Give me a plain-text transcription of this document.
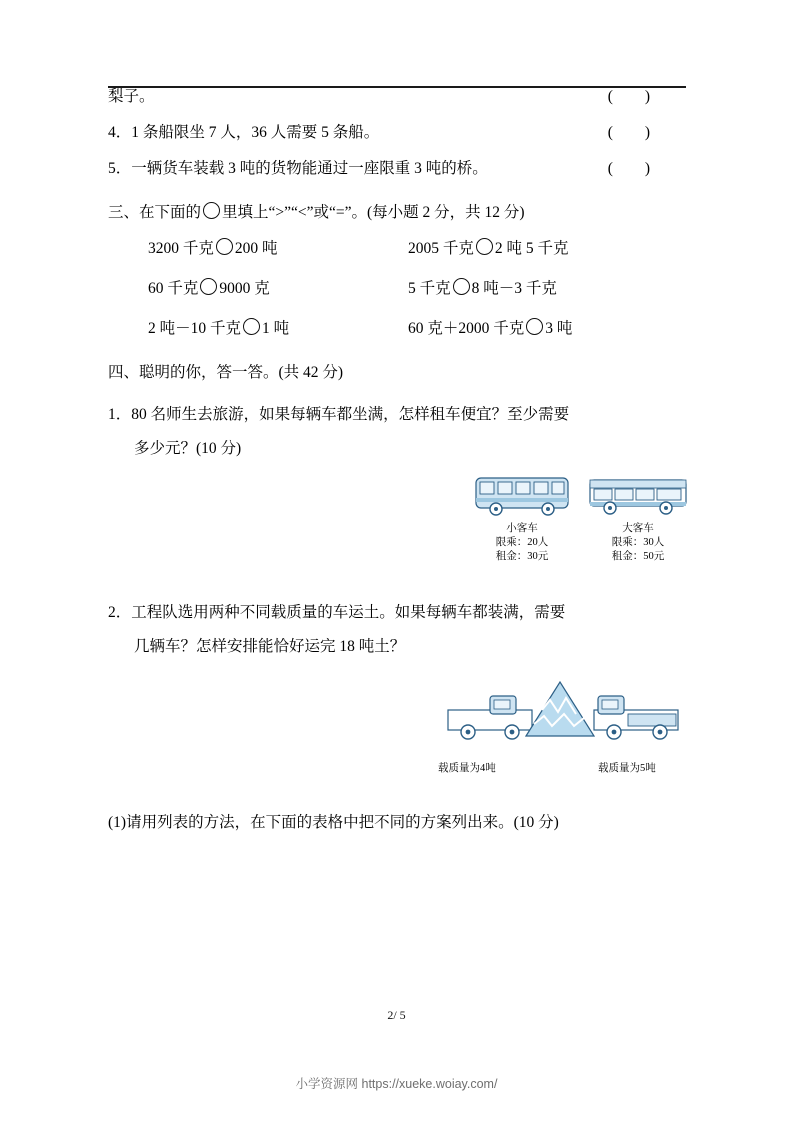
梨子。	( )
4．1 条船限坐 7 人，36 人需要 5 条船。	( )
5．一辆货车装载 3 吨的货物能通过一座限重 3 吨的桥。	( )
三、在下面的 里填上“>”“<”或“=”。(每小题 2 分，共 12 分)
3200 千克 200 吨	2005 千克 2 吨 5 千克
60 千克 9000 克	5 千克 8 吨－3 千克
2 吨－10 千克 1 吨	60 克＋2000 千克 3 吨
四、聪明的你，答一答。(共 42 分)
1．80 名师生去旅游，如果每辆车都坐满，怎样租车便宜？至少需要
多少元？(10 分)
小客车
限乘：20人
租金：30元
大客车
限乘：30人
租金：50元
2．工程队选用两种不同载质量的车运土。如果每辆车都装满，需要
几辆车？怎样安排能恰好运完 18 吨土？
载质量为4吨	载质量为5吨
(1)请用列表的方法，在下面的表格中把不同的方案列出来。(10 分)
2/ 5
小学资源网 https://xueke.woiay.com/
